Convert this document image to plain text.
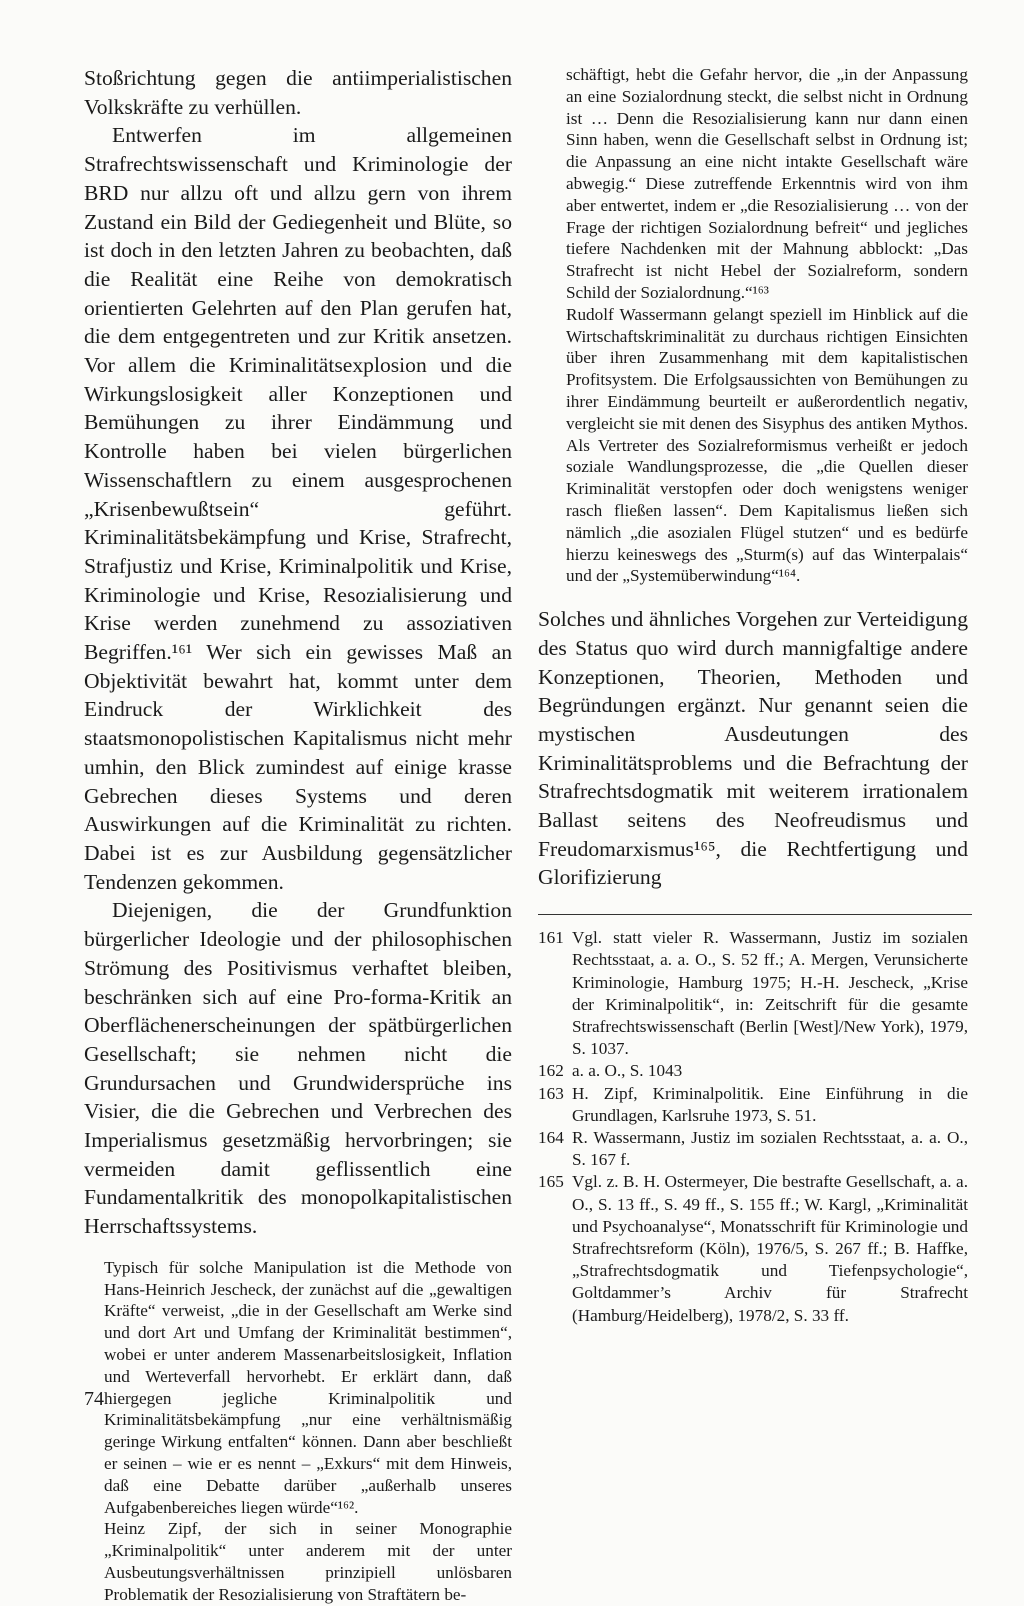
Stoßrichtung gegen die antiimperialistischen Volkskräfte zu verhüllen.

Entwerfen im allgemeinen Strafrechtswissenschaft und Kriminologie der BRD nur allzu oft und allzu gern von ihrem Zustand ein Bild der Gediegenheit und Blüte, so ist doch in den letzten Jahren zu beobachten, daß die Realität eine Reihe von demokratisch orientierten Gelehrten auf den Plan gerufen hat, die dem entgegentreten und zur Kritik ansetzen. Vor allem die Kriminalitätsexplosion und die Wirkungslosigkeit aller Konzeptionen und Bemühungen zu ihrer Eindämmung und Kontrolle haben bei vielen bürgerlichen Wissenschaftlern zu einem ausgesprochenen „Krisenbewußtsein“ geführt. Kriminalitätsbekämpfung und Krise, Strafrecht, Strafjustiz und Krise, Kriminalpolitik und Krise, Kriminologie und Krise, Resozialisierung und Krise werden zunehmend zu assoziativen Begriffen.¹⁶¹ Wer sich ein gewisses Maß an Objektivität bewahrt hat, kommt unter dem Eindruck der Wirklichkeit des staatsmonopolistischen Kapitalismus nicht mehr umhin, den Blick zumindest auf einige krasse Gebrechen dieses Systems und deren Auswirkungen auf die Kriminalität zu richten. Dabei ist es zur Ausbildung gegensätzlicher Tendenzen gekommen.

Diejenigen, die der Grundfunktion bürgerlicher Ideologie und der philosophischen Strömung des Positivismus verhaftet bleiben, beschränken sich auf eine Pro-forma-Kritik an Oberflächenerscheinungen der spätbürgerlichen Gesellschaft; sie nehmen nicht die Grundursachen und Grundwidersprüche ins Visier, die die Gebrechen und Verbrechen des Imperialismus gesetzmäßig hervorbringen; sie vermeiden damit geflissentlich eine Fundamentalkritik des monopolkapitalistischen Herrschaftssystems.

Typisch für solche Manipulation ist die Methode von Hans-Heinrich Jescheck, der zunächst auf die „gewaltigen Kräfte“ verweist, „die in der Gesellschaft am Werke sind und dort Art und Umfang der Kriminalität bestimmen“, wobei er unter anderem Massenarbeitslosigkeit, Inflation und Werteverfall hervorhebt. Er erklärt dann, daß hiergegen jegliche Kriminalpolitik und Kriminalitätsbekämpfung „nur eine verhältnismäßig geringe Wirkung entfalten“ können. Dann aber beschließt er seinen – wie er es nennt – „Exkurs“ mit dem Hinweis, daß eine Debatte darüber „außerhalb unseres Aufgabenbereiches liegen würde“¹⁶².

Heinz Zipf, der sich in seiner Monographie „Kriminalpolitik“ unter anderem mit der unter Ausbeutungsverhältnissen prinzipiell unlösbaren Problematik der Resozialisierung von Straftätern be-

schäftigt, hebt die Gefahr hervor, die „in der Anpassung an eine Sozialordnung steckt, die selbst nicht in Ordnung ist … Denn die Resozialisierung kann nur dann einen Sinn haben, wenn die Gesellschaft selbst in Ordnung ist; die Anpassung an eine nicht intakte Gesellschaft wäre abwegig.“ Diese zutreffende Erkenntnis wird von ihm aber entwertet, indem er „die Resozialisierung … von der Frage der richtigen Sozialordnung befreit“ und jegliches tiefere Nachdenken mit der Mahnung abblockt: „Das Strafrecht ist nicht Hebel der Sozialreform, sondern Schild der Sozialordnung.“¹⁶³

Rudolf Wassermann gelangt speziell im Hinblick auf die Wirtschaftskriminalität zu durchaus richtigen Einsichten über ihren Zusammenhang mit dem kapitalistischen Profitsystem. Die Erfolgsaussichten von Bemühungen zu ihrer Eindämmung beurteilt er außerordentlich negativ, vergleicht sie mit denen des Sisyphus des antiken Mythos. Als Vertreter des Sozialreformismus verheißt er jedoch soziale Wandlungsprozesse, die „die Quellen dieser Kriminalität verstopfen oder doch wenigstens weniger rasch fließen lassen“. Dem Kapitalismus ließen sich nämlich „die asozialen Flügel stutzen“ und es bedürfe hierzu keineswegs des „Sturm(s) auf das Winterpalais“ und der „Systemüberwindung“¹⁶⁴.

Solches und ähnliches Vorgehen zur Verteidigung des Status quo wird durch mannigfaltige andere Konzeptionen, Theorien, Methoden und Begründungen ergänzt. Nur genannt seien die mystischen Ausdeutungen des Kriminalitätsproblems und die Befrachtung der Strafrechtsdogmatik mit weiterem irrationalem Ballast seitens des Neofreudismus und Freudomarxismus¹⁶⁵, die Rechtfertigung und Glorifizierung

161 Vgl. statt vieler R. Wassermann, Justiz im sozialen Rechtsstaat, a. a. O., S. 52 ff.; A. Mergen, Verunsicherte Kriminologie, Hamburg 1975; H.-H. Jescheck, „Krise der Kriminalpolitik“, in: Zeitschrift für die gesamte Strafrechtswissenschaft (Berlin [West]/New York), 1979, S. 1037.
162 a. a. O., S. 1043
163 H. Zipf, Kriminalpolitik. Eine Einführung in die Grundlagen, Karlsruhe 1973, S. 51.
164 R. Wassermann, Justiz im sozialen Rechtsstaat, a. a. O., S. 167 f.
165 Vgl. z. B. H. Ostermeyer, Die bestrafte Gesellschaft, a. a. O., S. 13 ff., S. 49 ff., S. 155 ff.; W. Kargl, „Kriminalität und Psychoanalyse“, Monatsschrift für Kriminologie und Strafrechtsreform (Köln), 1976/5, S. 267 ff.; B. Haffke, „Strafrechtsdogmatik und Tiefenpsychologie“, Goltdammer’s Archiv für Strafrecht (Hamburg/Heidelberg), 1978/2, S. 33 ff.
74
